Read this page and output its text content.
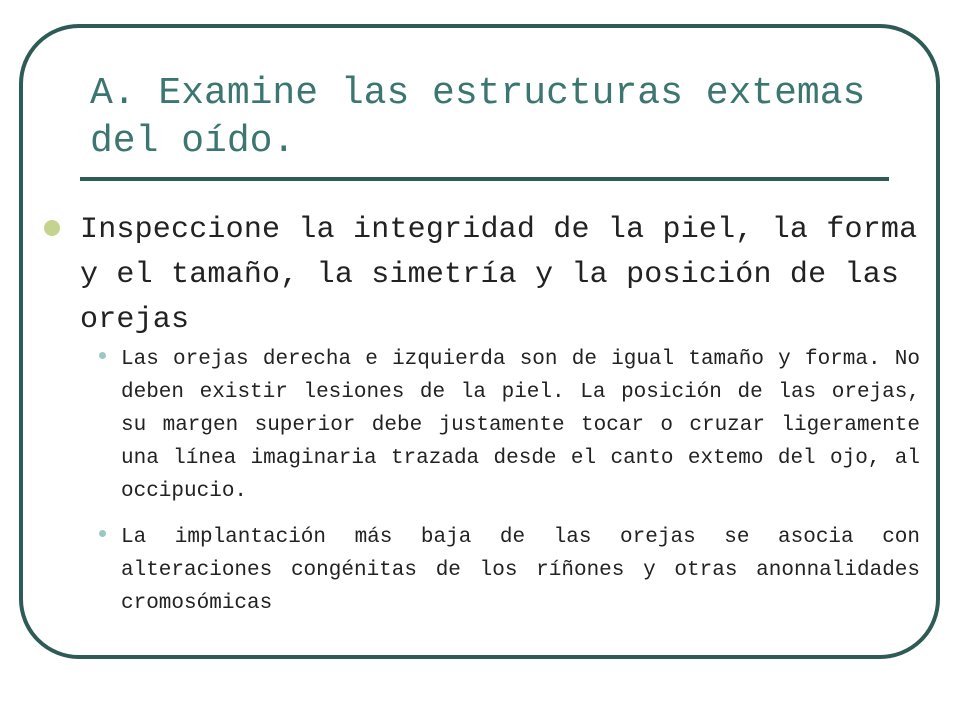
A. Examine las estructuras extemas del oído.

Inspeccione la integridad de la piel, la forma y el tamaño, la simetría y la posición de las orejas

Las orejas derecha e izquierda son de igual tamaño y forma. No deben existir lesiones de la piel. La posición de las orejas, su margen superior debe justamente tocar o cruzar ligeramente una línea imaginaria trazada desde el canto extemo del ojo, al occipucio.
La implantación más baja de las orejas se asocia con alteraciones congénitas de los ríñones y otras anonnalidades cromosómicas
